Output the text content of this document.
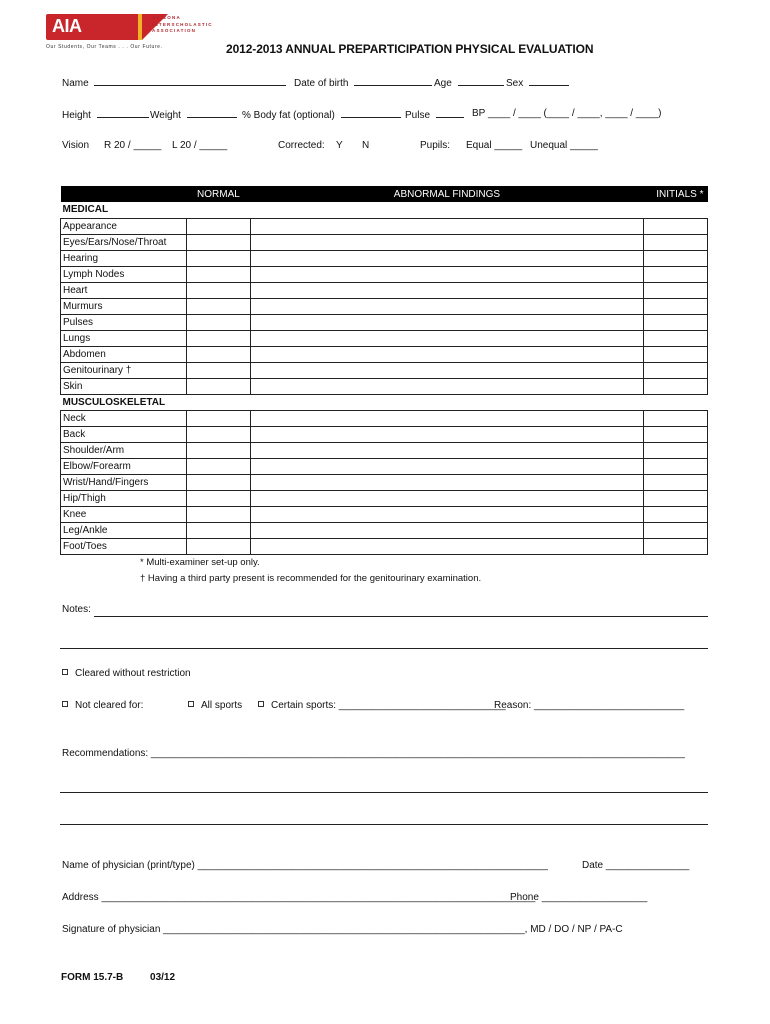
AIA	ARIZONA
INTERSCHOLASTIC
ASSOCIATION
Our Students, Our Teams . . . Our Future.	2012-2013 ANNUAL PREPARTICIPATION PHYSICAL EVALUATION
Name	Date of birth	Age	Sex
Height	Weight	% Body fat (optional)	Pulse	BP ____ / ____ (____ / ____, ____ / ____)
Vision R 20 / _____ L 20 / _____	Corrected: Y N	Pupils: Equal _____ Unequal _____
	NORMAL	ABNORMAL FINDINGS	INITIALS *
MEDICAL			
Appearance			
Eyes/Ears/Nose/Throat			
Hearing			
Lymph Nodes			
Heart			
Murmurs			
Pulses			
Lungs			
Abdomen			
Genitourinary †			
Skin			
MUSCULOSKELETAL			
Neck			
Back			
Shoulder/Arm			
Elbow/Forearm			
Wrist/Hand/Fingers			
Hip/Thigh			
Knee			
Leg/Ankle			
Foot/Toes			
* Multi-examiner set-up only.
† Having a third party present is recommended for the genitourinary examination.
Notes:
Cleared without restriction
Not cleared for:	All sports	Certain sports: ______________________________
Reason: ___________________________
Recommendations: ________________________________________________________________________________________________
Name of physician (print/type) _______________________________________________________________	Date _______________
Address ______________________________________________________________________________
Phone ___________________
Signature of physician _________________________________________________________________, MD / DO / NP / PA-C
FORM 15.7-B	03/12
